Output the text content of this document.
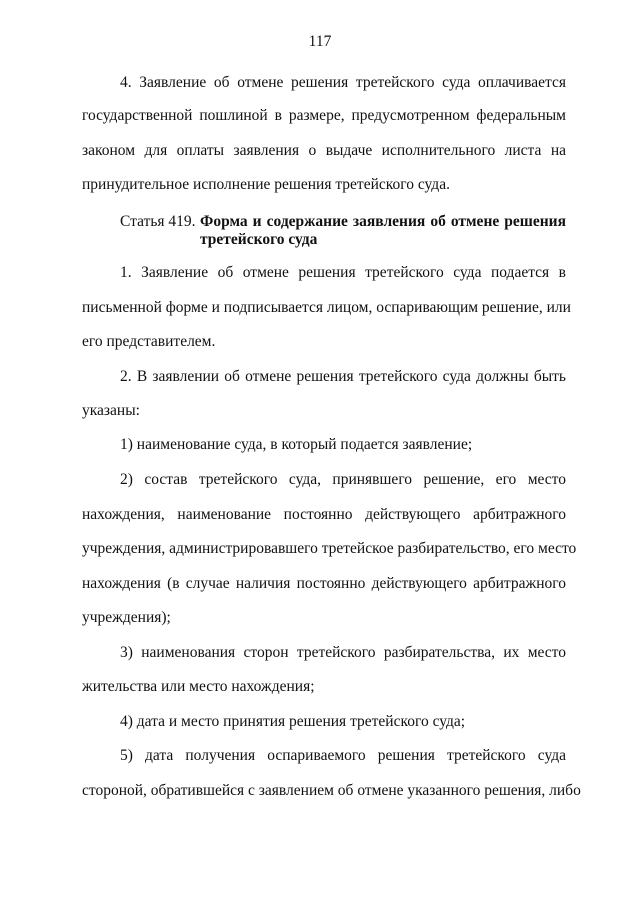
117
4. Заявление об отмене решения третейского суда оплачивается
государственной пошлиной в размере, предусмотренном федеральным
законом для оплаты заявления о выдаче исполнительного листа на
принудительное исполнение решения третейского суда.
Статья 419. Форма и содержание заявления об отмене решения
третейского суда
1. Заявление об отмене решения третейского суда подается в
письменной форме и подписывается лицом, оспаривающим решение, или
его представителем.
2. В заявлении об отмене решения третейского суда должны быть
указаны:
1) наименование суда, в который подается заявление;
2) состав третейского суда, принявшего решение, его место
нахождения, наименование постоянно действующего арбитражного
учреждения, администрировавшего третейское разбирательство, его место
нахождения (в случае наличия постоянно действующего арбитражного
учреждения);
3) наименования сторон третейского разбирательства, их место
жительства или место нахождения;
4) дата и место принятия решения третейского суда;
5) дата получения оспариваемого решения третейского суда
стороной, обратившейся с заявлением об отмене указанного решения, либо
